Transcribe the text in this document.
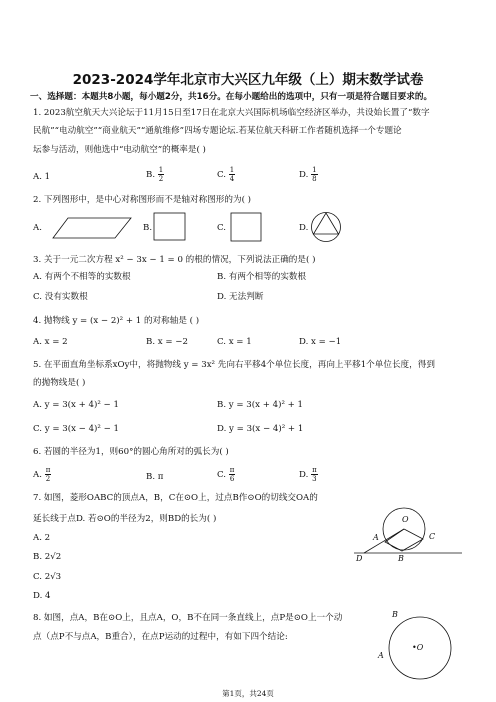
2023-2024学年北京市大兴区九年级（上）期末数学试卷
一、选择题：本题共8小题，每小题2分，共16分。在每小题给出的选项中，只有一项是符合题目要求的。
1. 2023航空航天大兴论坛于11月15日至17日在北京大兴国际机场临空经济区举办，共设始长置了“数字
民航”“电动航空”“商业航天”“通航维修”四场专题论坛.若某位航天科研工作者随机选择一个专题论
坛参与活动，则他选中“电动航空”的概率是( )
A. 1	B. $\frac{1}{2}$	C. $\frac{1}{4}$	D. $\frac{1}{8}$
2. 下列图形中，是中心对称图形而不是轴对称图形的为( )
A.	B.	C.	D.
3. 关于一元二次方程 x² − 3x − 1 = 0 的根的情况，下列说法正确的是( )
A. 有两个不相等的实数根	B. 有两个相等的实数根
C. 没有实数根	D. 无法判断
4. 抛物线 y = (x − 2)² + 1 的对称轴是 ( )
A. x = 2	B. x = −2	C. x = 1	D. x = −1
5. 在平面直角坐标系xOy中，将抛物线 y = 3x² 先向右平移4个单位长度，再向上平移1个单位长度，得到
的抛物线是( )
A. y = 3(x + 4)² − 1	B. y = 3(x + 4)² + 1
C. y = 3(x − 4)² − 1	D. y = 3(x − 4)² + 1
6. 若圆的半径为1，则60°的圆心角所对的弧长为( )
A. $\frac{\pi}{2}$	B. π	C. $\frac{\pi}{6}$	D. $\frac{\pi}{3}$
7. 如图，菱形OABC的顶点A，B，C在⊙O上，过点B作⊙O的切线交OA的
延长线于点D. 若⊙O的半径为2，则BD的长为( )
A. 2
B. 2√2
C. 2√3
D. 4
O
A	C
D	B
8. 如图，点A，B在⊙O上，且点A，O，B不在同一条直线上，点P是⊙O上一个动
点（点P不与点A，B重合），在点P运动的过程中，有如下四个结论:
•O
B
A
第1页，共24页
